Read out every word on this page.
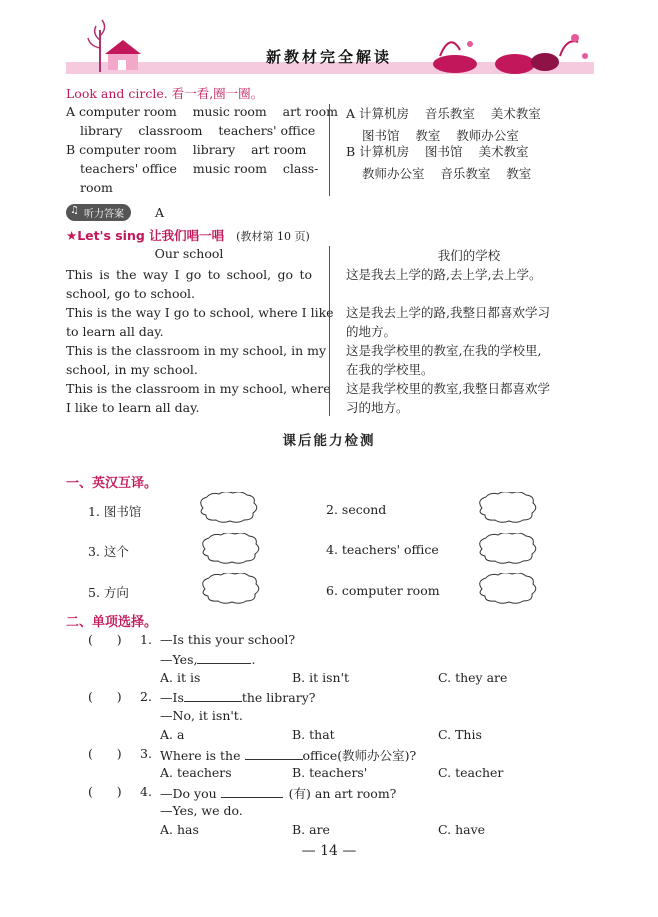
新教材完全解读
Look and circle. 看一看,圈一圈。
A computer room    music room    art room
library    classroom    teachers' office
B computer room    library    art room
teachers' office    music room    class-
room
A 计算机房    音乐教室    美术教室
图书馆    教室    教师办公室
B 计算机房    图书馆    美术教室
教师办公室    音乐教室    教室
♫ 听力答案 A
★Let's sing 让我们唱一唱 (教材第 10 页)
Our school	我们的学校
This is the way I go to school, go to
school, go to school.
This is the way I go to school, where I like
to learn all day.
This is the classroom in my school, in my
school, in my school.
This is the classroom in my school, where
I like to learn all day.
这是我去上学的路,去上学,去上学。
这是我去上学的路,我整日都喜欢学习
的地方。
这是我学校里的教室,在我的学校里,
在我的学校里。
这是我学校里的教室,我整日都喜欢学
习的地方。
课后能力检测
一、英汉互译。
1. 图书馆	2. second
3. 这个	4. teachers' office
5. 方向	6. computer room
二、单项选择。
(      ) 1. —Is this your school?
—Yes,	.
A. it is	B. it isn't	C. they are
(      ) 2. —Is	the library?
—No, it isn't.
A. a	B. that	C. This
(      ) 3. Where is the	office(教师办公室)?
A. teachers	B. teachers'	C. teacher
(      ) 4. —Do you	(有) an art room?
—Yes, we do.
A. has	B. are	C. have
— 14 —
